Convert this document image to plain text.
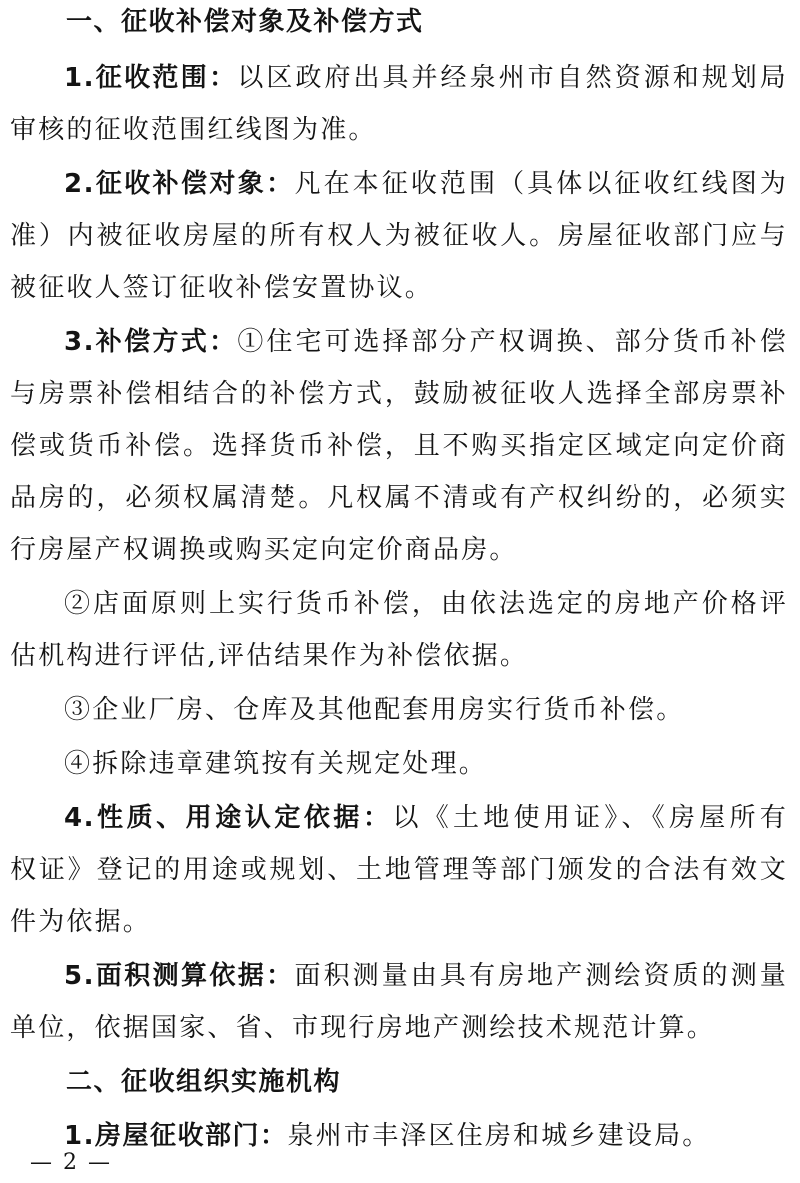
一、征收补偿对象及补偿方式
1.征收范围：以区政府出具并经泉州市自然资源和规划局
审核的征收范围红线图为准。
2.征收补偿对象：凡在本征收范围（具体以征收红线图为
准）内被征收房屋的所有权人为被征收人。房屋征收部门应与
被征收人签订征收补偿安置协议。
3.补偿方式：①住宅可选择部分产权调换、部分货币补偿
与房票补偿相结合的补偿方式，鼓励被征收人选择全部房票补
偿或货币补偿。选择货币补偿，且不购买指定区域定向定价商
品房的，必须权属清楚。凡权属不清或有产权纠纷的，必须实
行房屋产权调换或购买定向定价商品房。
②店面原则上实行货币补偿，由依法选定的房地产价格评
估机构进行评估,评估结果作为补偿依据。
③企业厂房、仓库及其他配套用房实行货币补偿。
④拆除违章建筑按有关规定处理。
4.性质、用途认定依据：以《土地使用证》、《房屋所有
权证》登记的用途或规划、土地管理等部门颁发的合法有效文
件为依据。
5.面积测算依据：面积测量由具有房地产测绘资质的测量
单位，依据国家、省、市现行房地产测绘技术规范计算。
二、征收组织实施机构
1.房屋征收部门：泉州市丰泽区住房和城乡建设局。
— 2 —
